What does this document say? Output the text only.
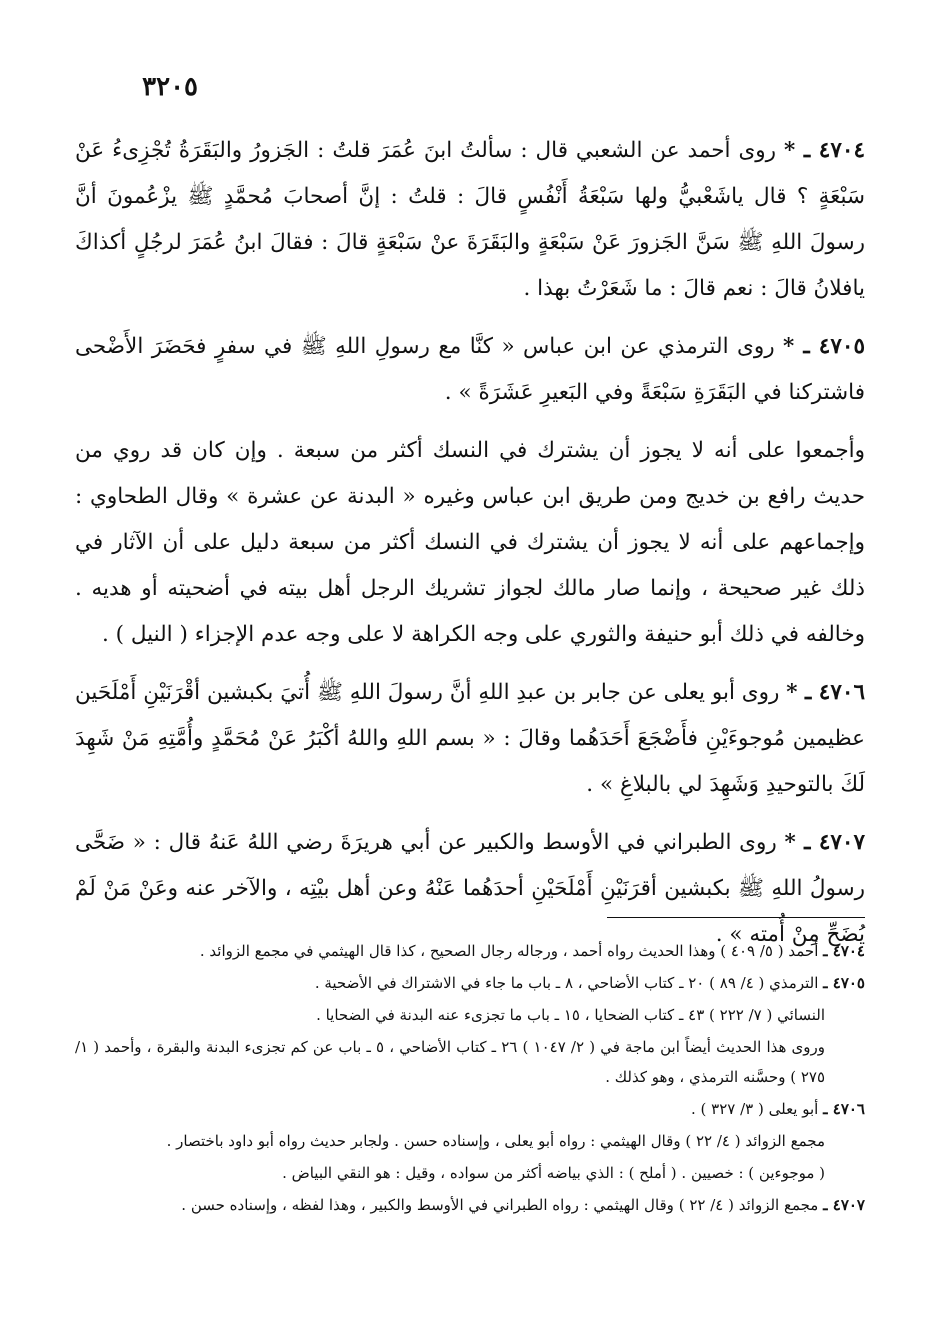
٣٢٠٥

٤٧٠٤ ـ * روى أحمد عن الشعبي قال : سألتُ ابنَ عُمَرَ قلتُ : الجَزورُ والبَقَرَةُ تُجْزِىءُ عَنْ سَبْعَةٍ ؟ قال ياشَعْبيُّ ولها سَبْعَةُ أَنْفُسٍ قالَ : قلتُ : إنَّ أصحابَ مُحمَّدٍ ﷺ يزْعُمونَ أنَّ رسولَ اللهِ ﷺ سَنَّ الجَزورَ عَنْ سَبْعَةٍ والبَقَرَةَ عنْ سَبْعَةٍ قالَ : فقالَ ابنُ عُمَرَ لرجُلٍ أكذاكَ يافلانُ قالَ : نعم قالَ : ما شَعَرْتُ بهذا .

٤٧٠٥ ـ * روى الترمذي عن ابن عباس « كنَّا مع رسولِ اللهِ ﷺ في سفرٍ فحَضَرَ الأَضْحى فاشتركنا في البَقَرَةِ سَبْعَةً وفي البَعيرِ عَشَرَةً » .

وأجمعوا على أنه لا يجوز أن يشترك في النسك أكثر من سبعة . وإن كان قد روي من حديث رافع بن خديج ومن طريق ابن عباس وغيره « البدنة عن عشرة » وقال الطحاوي : وإجماعهم على أنه لا يجوز أن يشترك في النسك أكثر من سبعة دليل على أن الآثار في ذلك غير صحيحة ، وإنما صار مالك لجواز تشريك الرجل أهل بيته في أضحيته أو هديه . وخالفه في ذلك أبو حنيفة والثوري على وجه الكراهة لا على وجه عدم الإجزاء ( النيل ) .

٤٧٠٦ ـ * روى أبو يعلى عن جابر بن عبدِ اللهِ أنَّ رسولَ اللهِ ﷺ أُتيَ بكبشين أقْرَنَيْنِ أَمْلَحَين عظيمين مُوجوءَيْنِ فأَضْجَعَ أَحَدَهُما وقالَ : « بسم اللهِ واللهُ أكْبَرُ عَنْ مُحَمَّدٍ وأُمَّتِهِ مَنْ شَهِدَ لَكَ بالتوحيدِ وَشَهِدَ لي بالبلاغِ » .

٤٧٠٧ ـ * روى الطبراني في الأوسط والكبير عن أبي هريرَةَ رضي اللهُ عَنهُ قال : « ضَحَّى رسولُ اللهِ ﷺ بكبشين أقرَنَيْنِ أَمْلَحَيْنِ أحدَهُما عَنْهُ وعن أهل بيْتِه ، والآخر عنه وعَنْ مَنْ لَمْ يُضَحِّ مِنْ أُمته » .

٤٧٠٤ ـ أحمد ( ٥/ ٤٠٩ ) وهذا الحديث رواه أحمد ، ورجاله رجال الصحيح ، كذا قال الهيثمي في مجمع الزوائد .

٤٧٠٥ ـ الترمذي ( ٤/ ٨٩ ) ٢٠ ـ كتاب الأضاحي ، ٨ ـ باب ما جاء في الاشتراك في الأضحية .

النسائي ( ٧/ ٢٢٢ ) ٤٣ ـ كتاب الضحايا ، ١٥ ـ باب ما تجزىء عنه البدنة في الضحايا .

وروى هذا الحديث أيضاً ابن ماجة في ( ٢/ ١٠٤٧ ) ٢٦ ـ كتاب الأضاحي ، ٥ ـ باب عن كم تجزىء البدنة والبقرة ، وأحمد ( ١/ ٢٧٥ ) وحسَّنه الترمذي ، وهو كذلك .

٤٧٠٦ ـ أبو يعلى ( ٣/ ٣٢٧ ) .

مجمع الزوائد ( ٤/ ٢٢ ) وقال الهيثمي : رواه أبو يعلى ، وإسناده حسن . ولجابر حديث رواه أبو داود باختصار .

( موجوءين ) : خصيين . ( أملح ) : الذي بياضه أكثر من سواده ، وقيل : هو النقي البياض .

٤٧٠٧ ـ مجمع الزوائد ( ٤/ ٢٢ ) وقال الهيثمي : رواه الطبراني في الأوسط والكبير ، وهذا لفظه ، وإسناده حسن .
